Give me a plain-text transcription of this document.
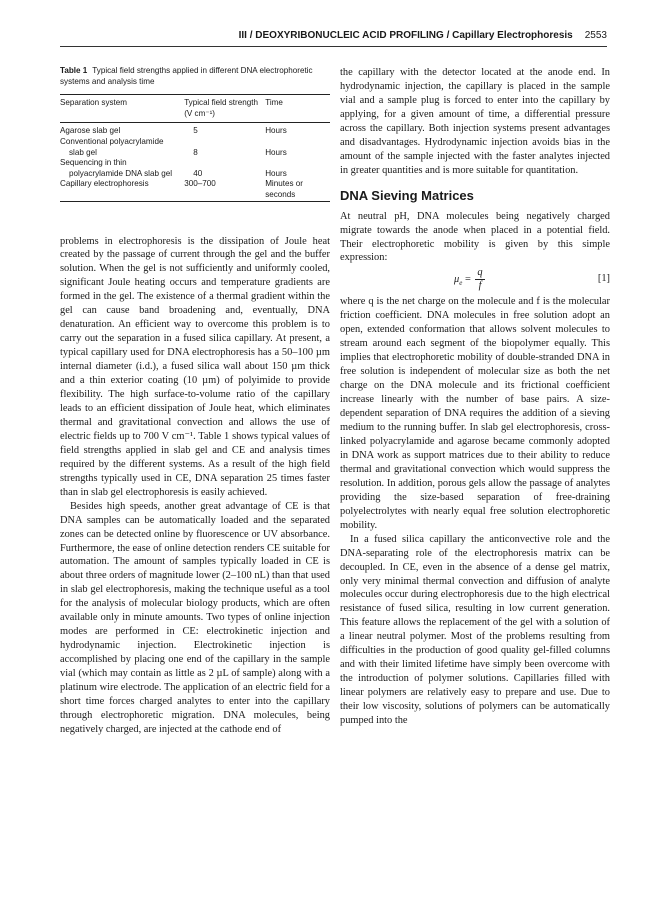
III / DEOXYRIBONUCLEIC ACID PROFILING / Capillary Electrophoresis 2553

Table 1 Typical field strengths applied in different DNA electrophoretic systems and analysis time

Separation system	Typical field strength (V cm⁻¹)	Time
Agarose slab gel	5	Hours

Conventional polyacrylamide
slab gel	8	Hours

Sequencing in thin
polyacrylamide DNA slab gel	40	Hours
Capillary electrophoresis	300–700	Minutes or seconds

problems in electrophoresis is the dissipation of Joule heat created by the passage of current through the gel and the buffer solution. When the gel is not sufficiently and uniformly cooled, significant Joule heating occurs and temperature gradients are formed in the gel. The existence of a thermal gradient within the gel can cause band broadening and, eventually, DNA denaturation. An efficient way to overcome this problem is to carry out the separation in a fused silica capillary. At present, a typical capillary used for DNA electrophoresis has a 50–100 µm internal diameter (i.d.), a fused silica wall about 150 µm thick and a thin exterior coating (10 µm) of polyimide to provide flexibility. The high surface-to-volume ratio of the capillary leads to an efficient dissipation of Joule heat, which eliminates thermal and gravitational convection and allows the use of electric fields up to 700 V cm⁻¹. Table 1 shows typical values of field strengths applied in slab gel and CE and analysis times required by the different systems. As a result of the high field strengths typically used in CE, DNA separation 25 times faster than in slab gel electrophoresis is easily achieved.

Besides high speeds, another great advantage of CE is that DNA samples can be automatically loaded and the separated zones can be detected online by fluorescence or UV absorbance. Furthermore, the ease of online detection renders CE suitable for automation. The amount of samples typically loaded in CE is about three orders of magnitude lower (2–100 nL) than that used in slab gel electrophoresis, making the technique useful as a tool for the analysis of molecular biology products, which are often available only in minute amounts. Two types of online injection modes are performed in CE: electrokinetic injection and hydrodynamic injection. Electrokinetic injection is accomplished by placing one end of the capillary in the sample vial (which may contain as little as 2 µL of sample) along with a platinum wire electrode. The application of an electric field for a short time forces charged analytes to enter into the capillary through electrophoretic migration. DNA molecules, being negatively charged, are injected at the cathode end of

the capillary with the detector located at the anode end. In hydrodynamic injection, the capillary is placed in the sample vial and a sample plug is forced to enter into the capillary by applying, for a given amount of time, a differential pressure across the capillary. Both injection systems present advantages and disadvantages. Hydrodynamic injection avoids bias in the amount of the sample injected with the faster analytes injected in greater quantities and is more suitable for quantitation.

DNA Sieving Matrices

At neutral pH, DNA molecules being negatively charged migrate towards the anode when placed in a potential field. Their electrophoretic mobility is given by this simple expression:

$\mu_e = \frac{q}{f}$	[1]

where q is the net charge on the molecule and f is the molecular friction coefficient. DNA molecules in free solution adopt an open, extended conformation that allows solvent molecules to stream around each segment of the biopolymer equally. This implies that electrophoretic mobility of double-stranded DNA in free solution is independent of molecular size as both the net charge on the DNA molecule and its frictional coefficient increase linearly with the number of base pairs. A size-dependent separation of DNA requires the addition of a sieving medium to the running buffer. In slab gel electrophoresis, cross-linked polyacrylamide and agarose became commonly adopted in DNA work as support matrices due to their ability to reduce thermal and gravitational convection which would suppress the resolution. In addition, porous gels allow the passage of analytes providing the size-based separation of free-draining polyelectrolytes with nearly equal free solution electrophoretic mobility.

In a fused silica capillary the anticonvective role and the DNA-separating role of the electrophoresis matrix can be decoupled. In CE, even in the absence of a dense gel matrix, only very minimal thermal convection and diffusion of analyte molecules occur during electrophoresis due to the high electrical resistance of fused silica, resulting in low current generation. This feature allows the replacement of the gel with a solution of a linear neutral polymer. Most of the problems resulting from difficulties in the production of good quality gel-filled columns and with their limited lifetime have simply been overcome with the introduction of polymer solutions. Capillaries filled with linear polymers are relatively easy to prepare and use. Due to their low viscosity, solutions of polymers can be automatically pumped into the
